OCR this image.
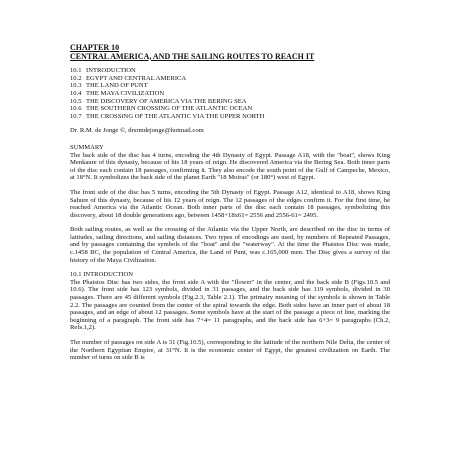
CHAPTER 10

CENTRAL AMERICA, AND THE SAILING ROUTES TO REACH IT

10.1 INTRODUCTION
10.2 EGYPT AND CENTRAL AMERICA
10.3 THE LAND OF PUNT
10.4 THE MAYA CIVILIZATION
10.5 THE DISCOVERY OF AMERICA VIA THE BERING SEA
10.6 THE SOUTHERN CROSSING OF THE ATLANTIC OCEAN
10.7 THE CROSSING OF THE ATLANTIC VIA THE UPPER NORTH

Dr. R.M. de Jonge ©, drsrmdejonge@hotmail.com

SUMMARY

The back side of the disc has 4 turns, encoding the 4th Dynasty of Egypt. Passage A18, with the "boat", shows King Menkaure of this dynasty, because of his 18 years of reign. He discovered America via the Bering Sea. Both inner parts of the disc each contain 18 passages, confirming it. They also encode the south point of the Gulf of Campeche, Mexico, at 18°N. It symbolizes the back side of the planet Earth "18 Moiras" (or 180°) west of Egypt.

The front side of the disc has 5 turns, encoding the 5th Dynasty of Egypt. Passage A12, identical to A18, shows King Sahure of this dynasty, because of his 12 years of reign. The 12 passages of the edges confirm it. For the first time, he reached America via the Atlantic Ocean. Both inner parts of the disc each contain 18 passages, symbolizing this discovery, about 18 double generations ago, between 1458+18x61= 2556 and 2556-61= 2495.

Both sailing routes, as well as the crossing of the Atlantic via the Upper North, are described on the disc in terms of latitudes, sailing directions, and sailing distances. Two types of encodings are used, by numbers of Repeated Passages, and by passages containing the symbols of the "boat" and the "waterway". At the time the Phaistos Disc was made, c.1458 BC, the population of Central America, the Land of Punt, was c.165,000 men. The Disc gives a survey of the history of the Maya Civilization.

10.1 INTRODUCTION

The Phaistos Disc has two sides, the front side A with the "flower" in the center, and the back side B (Figs.10.5 and 10.6). The front side has 123 symbols, divided in 31 passages, and the back side has 119 symbols, divided in 30 passages. There are 45 different symbols (Fig.2.3, Table 2.1). The primairy meaning of the symbols is shown in Table 2.2. The passages are counted from the center of the spiral towards the edge. Both sides have an inner part of about 18 passages, and an edge of about 12 passages. Some symbols have at the start of the passage a piece of line, marking the beginning of a paragraph. The front side has 7+4= 11 paragraphs, and the back side has 6+3= 9 paragraphs (Ch.2, Refs.1,2).

The number of passages on side A is 31 (Fig.10.5), corresponding to the latitude of the northern Nile Delta, the center of the Northern Egyptian Empire, at 31°N. It is the economic center of Egypt, the greatest civilization on Earth. The number of turns on side B is
